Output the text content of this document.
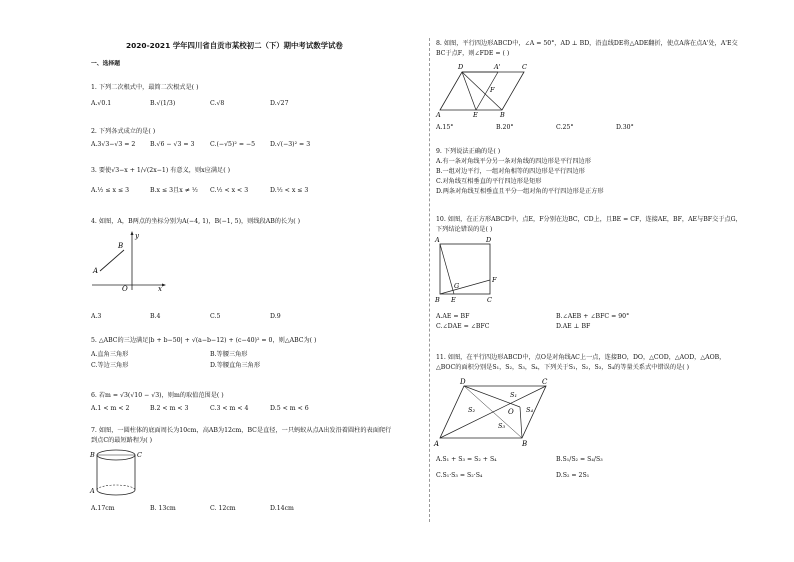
2020-2021 学年四川省自贡市某校初二（下）期中考试数学试卷
一、选择题
1. 下列二次根式中，最简二次根式是( )
A.√0.1	B.√(1/3)	C.√8	D.√27
2. 下列各式成立的是( )
A.3√3−√3 = 2 B.√6 − √3 = 3	C.(−√5)² = −5 D.√(−3)² = 3
3. 要使√3−x + 1/√(2x−1) 有意义，则x应满足( )
A.½ ≤ x ≤ 3	B.x ≤ 3且x ≠ ½ C.½ < x < 3	D.½ < x ≤ 3
4. 如图，A，B两点的坐标分别为A(−4, 1)，B(−1, 5)，则线段AB的长为( )
y
B
A
O	x
A.3	B.4	C.5	D.9
5. △ABC的三边满足|b + b−50| + √(a−b−12) + (c−40)² = 0，则△ABC为( )
A.直角三角形	B.等腰三角形
C.等边三角形	D.等腰直角三角形
6. 若m = √3(√10 − √3)，则m的取值范围是( )
A.1 < m < 2	B.2 < m < 3	C.3 < m < 4	D.5 < m < 6
7. 如图，一圆柱体的底面周长为10cm，高AB为12cm，BC是直径，一只蚂蚁从点A出发沿着圆柱的表面爬行
到点C的最短路程为( )
B	C
A
A.17cm	B. 13cm	C. 12cm	D.14cm
8. 如图，平行四边形ABCD中，∠A = 50°，AD ⊥ BD，沿直线DE将△ADE翻折，使点A落在点A'处，A'E交
BC于点F，则∠FDE = ( )
D	A'	C
F
A	E	B
A.15°	B.20°	C.25°	D.30°
9. 下列说法正确的是( )
A.有一条对角线平分另一条对角线的四边形是平行四边形
B.一组对边平行，一组对角相等的四边形是平行四边形
C.对角线互相垂直的平行四边形是矩形
D.两条对角线互相垂直且平分一组对角的平行四边形是正方形
10. 如图，在正方形ABCD中，点E，F分别在边BC，CD上，且BE = CF，连接AE，BF，AE与BF交于点G，
下列结论错误的是( )
A	D
F
B
G
E	C
A.AE = BF	B.∠AEB + ∠BFC = 90°
C.∠DAE = ∠BFC	D.AE ⊥ BF
11. 如图，在平行四边形ABCD中，点O是对角线AC上一点，连接BO，DO，△COD，△AOD，△AOB，
△BOC的面积分别是S₁，S₂，S₃，S₄，下列关于S₁，S₂，S₃，S₄的等量关系式中错误的是( )
D	C
S₁
S₂	O S₄
S₃
A	B
A.S₁ + S₃ = S₂ + S₄	B.S₁/S₂ = S₄/S₃
C.S₁·S₃ = S₂·S₄	D.S₂ = 2S₁
